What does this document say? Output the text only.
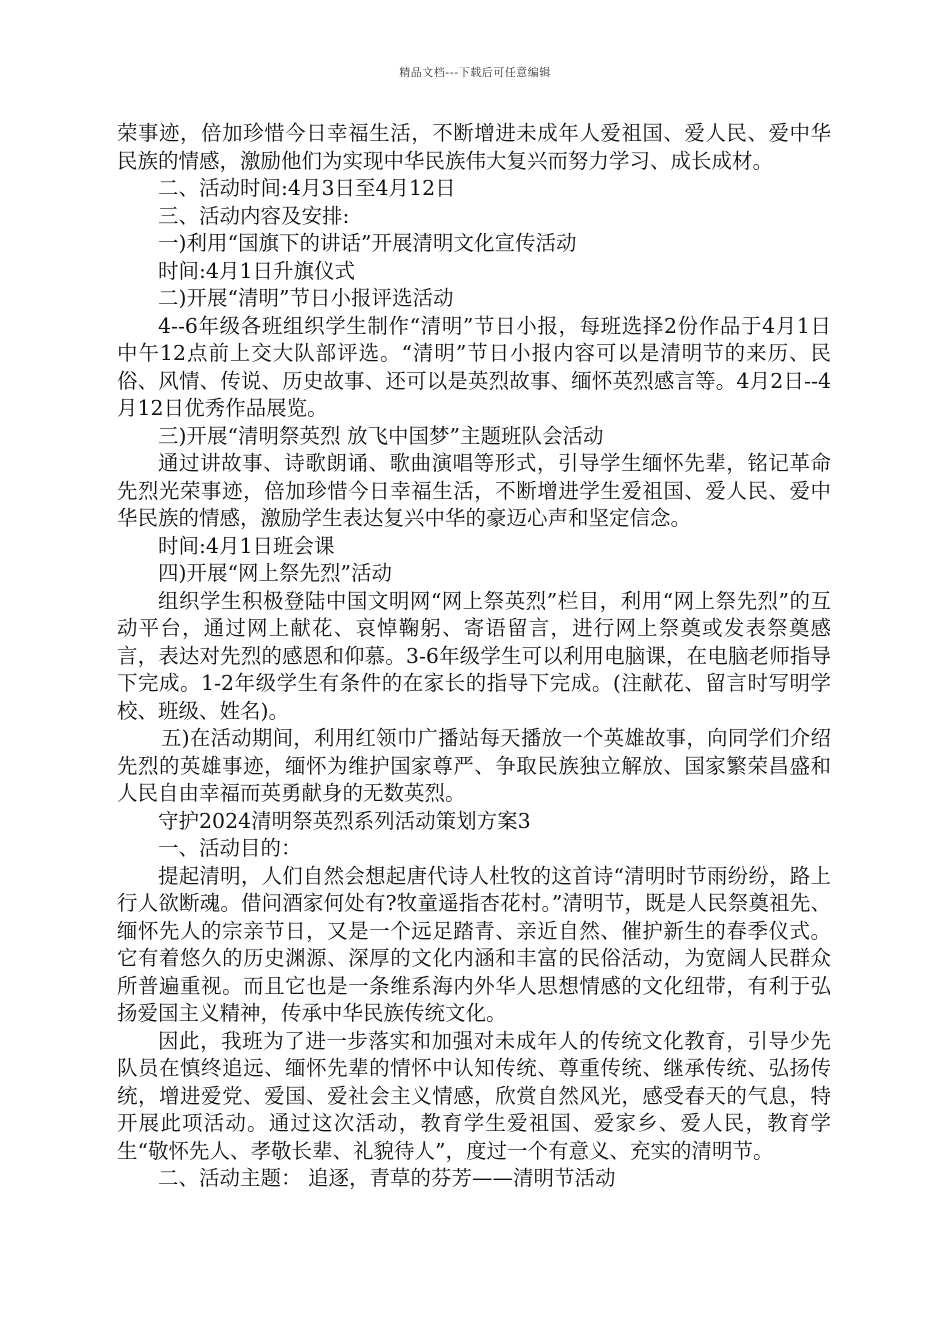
精品文档---下载后可任意编辑

荣事迹，倍加珍惜今日幸福生活，不断增进未成年人爱祖国、爱人民、爱中华民族的情感，激励他们为实现中华民族伟大复兴而努力学习、成长成材。

二、活动时间:4月3日至4月12日

三、活动内容及安排:

一)利用“国旗下的讲话”开展清明文化宣传活动

时间:4月1日升旗仪式

二)开展“清明”节日小报评选活动

4--6年级各班组织学生制作“清明”节日小报，每班选择2份作品于4月1日中午12点前上交大队部评选。“清明”节日小报内容可以是清明节的来历、民俗、风情、传说、历史故事、还可以是英烈故事、缅怀英烈感言等。4月2日--4月12日优秀作品展览。

三)开展“清明祭英烈 放飞中国梦”主题班队会活动

通过讲故事、诗歌朗诵、歌曲演唱等形式，引导学生缅怀先辈，铭记革命先烈光荣事迹，倍加珍惜今日幸福生活，不断增进学生爱祖国、爱人民、爱中华民族的情感，激励学生表达复兴中华的豪迈心声和坚定信念。

时间:4月1日班会课

四)开展“网上祭先烈”活动

组织学生积极登陆中国文明网“网上祭英烈”栏目，利用“网上祭先烈”的互动平台，通过网上献花、哀悼鞠躬、寄语留言，进行网上祭奠或发表祭奠感言，表达对先烈的感恩和仰慕。3-6年级学生可以利用电脑课，在电脑老师指导下完成。1-2年级学生有条件的在家长的指导下完成。(注献花、留言时写明学校、班级、姓名)。

五)在活动期间，利用红领巾广播站每天播放一个英雄故事，向同学们介绍先烈的英雄事迹，缅怀为维护国家尊严、争取民族独立解放、国家繁荣昌盛和人民自由幸福而英勇献身的无数英烈。

守护2024清明祭英烈系列活动策划方案3

一、活动目的：

提起清明，人们自然会想起唐代诗人杜牧的这首诗“清明时节雨纷纷，路上行人欲断魂。借问酒家何处有?牧童遥指杏花村。”清明节，既是人民祭奠祖先、缅怀先人的宗亲节日，又是一个远足踏青、亲近自然、催护新生的春季仪式。它有着悠久的历史渊源、深厚的文化内涵和丰富的民俗活动，为宽阔人民群众所普遍重视。而且它也是一条维系海内外华人思想情感的文化纽带，有利于弘扬爱国主义精神，传承中华民族传统文化。

因此，我班为了进一步落实和加强对未成年人的传统文化教育，引导少先队员在慎终追远、缅怀先辈的情怀中认知传统、尊重传统、继承传统、弘扬传统，增进爱党、爱国、爱社会主义情感，欣赏自然风光，感受春天的气息，特开展此项活动。通过这次活动，教育学生爱祖国、爱家乡、爱人民，教育学生“敬怀先人、孝敬长辈、礼貌待人”，度过一个有意义、充实的清明节。

二、活动主题： 追逐，青草的芬芳——清明节活动
